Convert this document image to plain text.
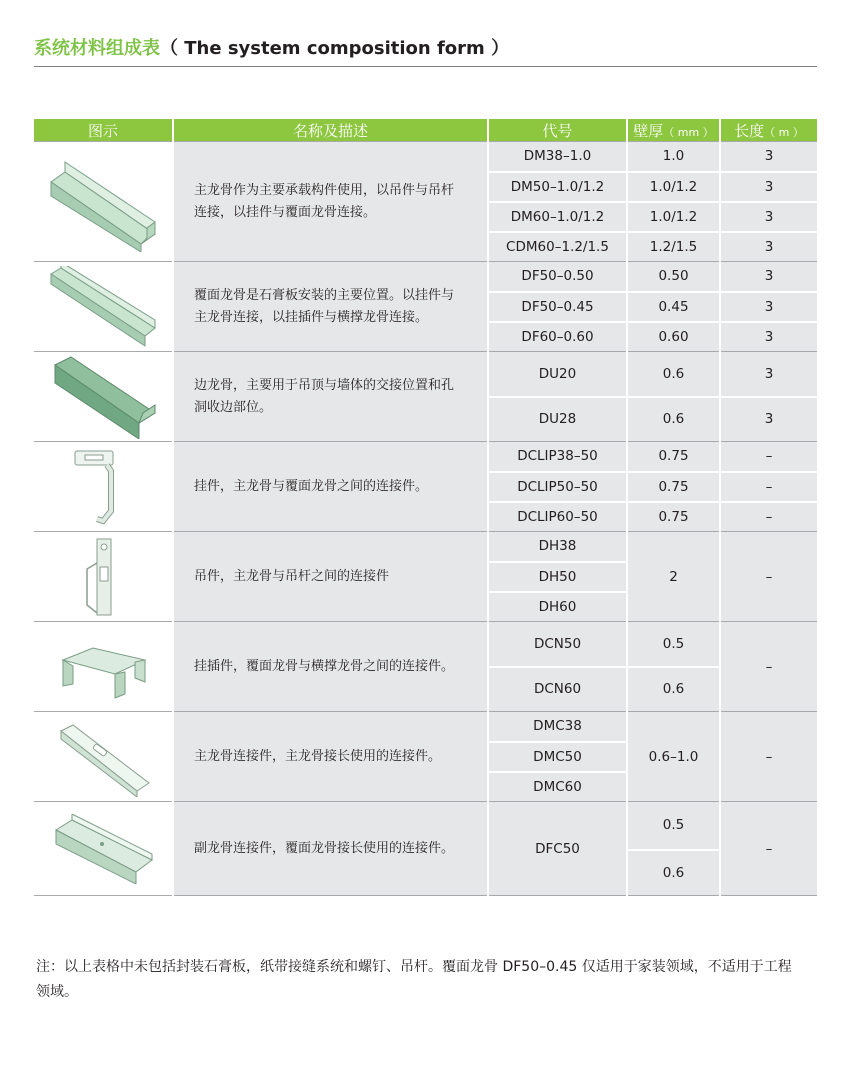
系统材料组成表（ The system composition form ）
图示	名称及描述	代号	壁厚（ mm ）	长度（ m ）

	主龙骨作为主要承载构件使用，以吊件与吊杆连接，以挂件与覆面龙骨连接。	DM38–1.0	1.0	3
		DM50–1.0/1.2	1.0/1.2	3
		DM60–1.0/1.2	1.0/1.2	3
		CDM60–1.2/1.5	1.2/1.5	3

	覆面龙骨是石膏板安装的主要位置。以挂件与主龙骨连接，以挂插件与横撑龙骨连接。	DF50–0.50	0.50	3
		DF50–0.45	0.45	3
		DF60–0.60	0.60	3

	边龙骨，主要用于吊顶与墙体的交接位置和孔洞收边部位。	DU20	0.6	3
		DU28	0.6	3

	挂件，主龙骨与覆面龙骨之间的连接件。	DCLIP38–50	0.75	–
		DCLIP50–50	0.75	–
		DCLIP60–50	0.75	–

	吊件，主龙骨与吊杆之间的连接件	DH38	2	–
		DH50		
		DH60		

	挂插件，覆面龙骨与横撑龙骨之间的连接件。	DCN50	0.5	–
		DCN60	0.6	

	主龙骨连接件，主龙骨接长使用的连接件。	DMC38	0.6–1.0	–
		DMC50		
		DMC60		

	副龙骨连接件，覆面龙骨接长使用的连接件。	DFC50	0.5	–
			0.6	
注：以上表格中未包括封装石膏板，纸带接缝系统和螺钉、吊杆。覆面龙骨 DF50–0.45 仅适用于家装领域，不适用于工程领域。
